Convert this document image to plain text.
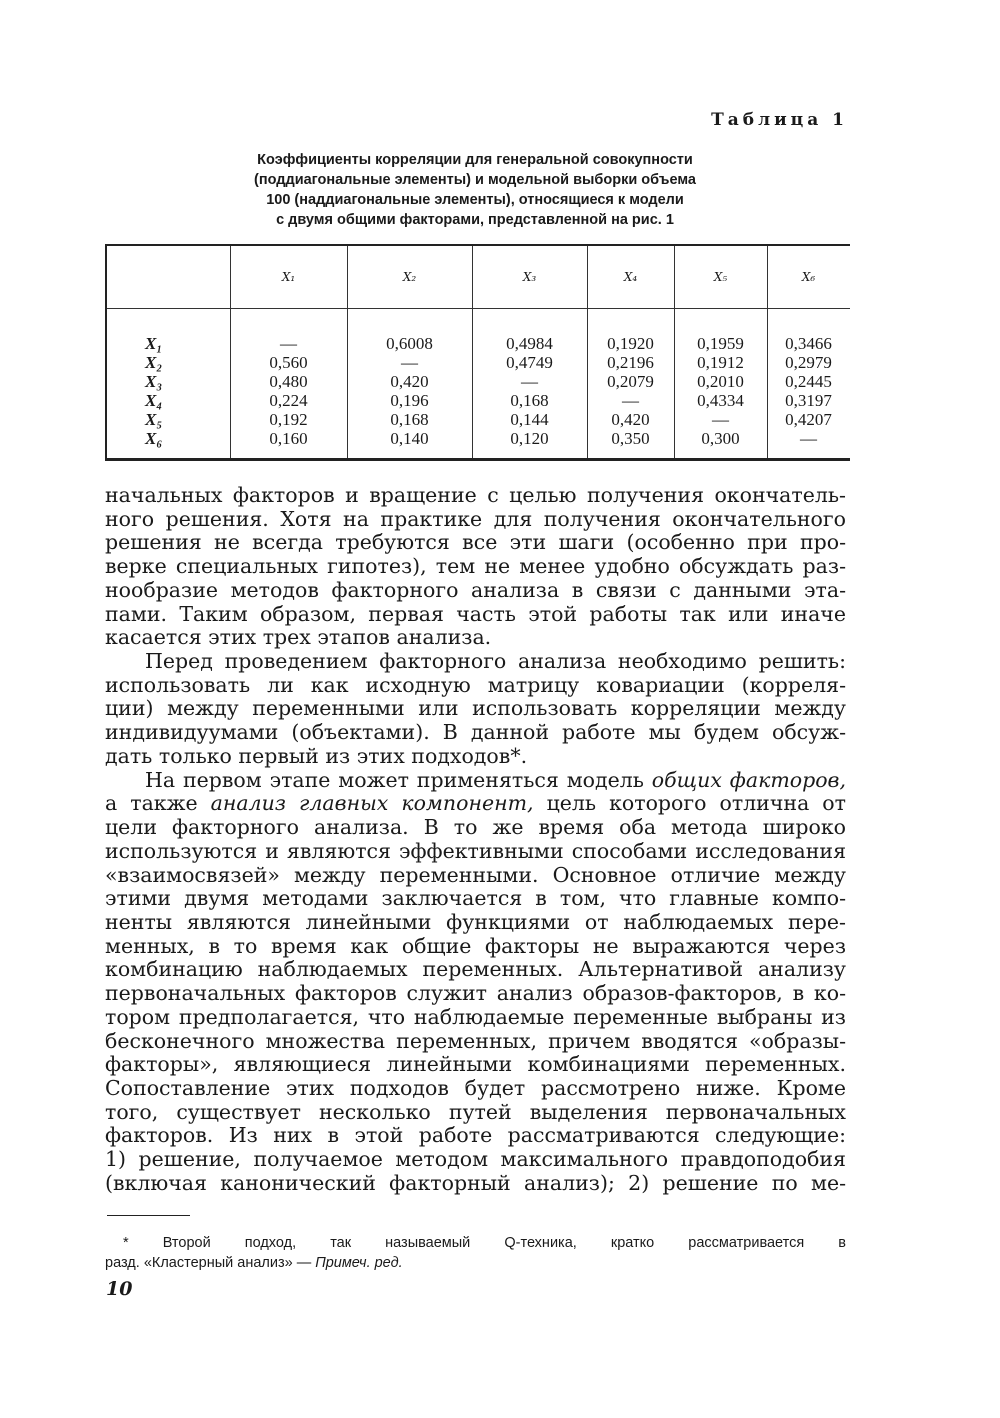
Таблица 1
Коэффициенты корреляции для генеральной совокупности
(поддиагональные элементы) и модельной выборки объема
100 (наддиагональные элементы), относящиеся к модели
с двумя общими факторами, представленной на рис. 1
X₁
—
0,560
0,480
0,224
0,192
0,160
X₂
0,6008
—
0,420
0,196
0,168
0,140
X₃
0,4984
0,4749
—
0,168
0,144
0,120
X₄
0,1920
0,2196
0,2079
—
0,420
0,350
X₅
0,1959
0,1912
0,2010
0,4334
—
0,300
X₆
0,3466
0,2979
0,2445
0,3197
0,4207
—
X₁
X₂
X₃
X₄
X₅
X₆
начальных факторов и вращение с целью получения окончатель-
ного решения. Хотя на практике для получения окончательного
решения не всегда требуются все эти шаги (особенно при про-
верке специальных гипотез), тем не менее удобно обсуждать раз-
нообразие методов факторного анализа в связи с данными эта-
пами. Таким образом, первая часть этой работы так или иначе
касается этих трех этапов анализа.
Перед проведением факторного анализа необходимо решить:
использовать ли как исходную матрицу ковариации (корреля-
ции) между переменными или использовать корреляции между
индивидуумами (объектами). В данной работе мы будем обсуж-
дать только первый из этих подходов*.
На первом этапе может применяться модель общих факторов,
а также анализ главных компонент, цель которого отлична от
цели факторного анализа. В то же время оба метода широко
используются и являются эффективными способами исследования
«взаимосвязей» между переменными. Основное отличие между
этими двумя методами заключается в том, что главные компо-
ненты являются линейными функциями от наблюдаемых пере-
менных, в то время как общие факторы не выражаются через
комбинацию наблюдаемых переменных. Альтернативой анализу
первоначальных факторов служит анализ образов-факторов, в ко-
тором предполагается, что наблюдаемые переменные выбраны из
бесконечного множества переменных, причем вводятся «образы-
факторы», являющиеся линейными комбинациями переменных.
Сопоставление этих подходов будет рассмотрено ниже. Кроме
того, существует несколько путей выделения первоначальных
факторов. Из них в этой работе рассматриваются следующие:
1) решение, получаемое методом максимального правдоподобия
(включая канонический факторный анализ); 2) решение по ме-
* Второй подход, так называемый Q-техника, кратко рассматривается в
разд. «Кластерный анализ» — Примеч. ред.
10
